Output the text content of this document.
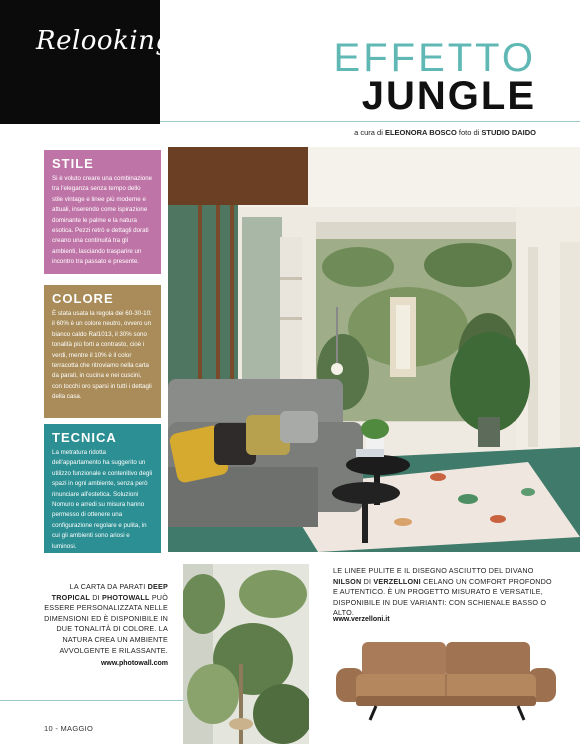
Relooking	EFFETTO
JUNGLE
a cura di ELEONORA BOSCO foto di STUDIO DAIDO
STILE

Si è voluto creare una combinazione tra l'eleganza senza tempo dello stile vintage e linee più moderne e attuali, inserendo come ispirazione dominante le palme e la natura esotica. Pezzi retrò e dettagli dorati creano una continuità tra gli ambienti, lasciando trasparire un incontro tra passato e presente.

COLORE

È stata usata la regola dei 60-30-10: il 60% è un colore neutro, ovvero un bianco caldo Ral1013, il 30% sono tonalità più forti a contrasto, cioè i verdi, mentre il 10% è il color terracotta che ritroviamo nella carta da parati, in cucina e nei cuscini, con tocchi oro sparsi in tutti i dettagli della casa.

TECNICA

La metratura ridotta dell'appartamento ha suggerito un utilizzo funzionale e contenitivo degli spazi in ogni ambiente, senza però rinunciare all'estetica. Soluzioni Nomuro e arredi su misura hanno permesso di ottenere una configurazione regolare e pulita, in cui gli ambienti sono ariosi e luminosi.

LA CARTA DA PARATI DEEP TROPICAL DI PHOTOWALL PUÒ ESSERE PERSONALIZZATA NELLE DIMENSIONI ED È DISPONIBILE IN DUE TONALITÀ DI COLORE. LA NATURA CREA UN AMBIENTE AVVOLGENTE E RILASSANTE.
www.photowall.com
LE LINEE PULITE E IL DISEGNO ASCIUTTO DEL DIVANO NILSON DI VERZELLONI CELANO UN COMFORT PROFONDO E AUTENTICO. È UN PROGETTO MISURATO E VERSATILE, DISPONIBILE IN DUE VARIANTI: CON SCHIENALE BASSO O ALTO.
www.verzelloni.it
10 - MAGGIO
